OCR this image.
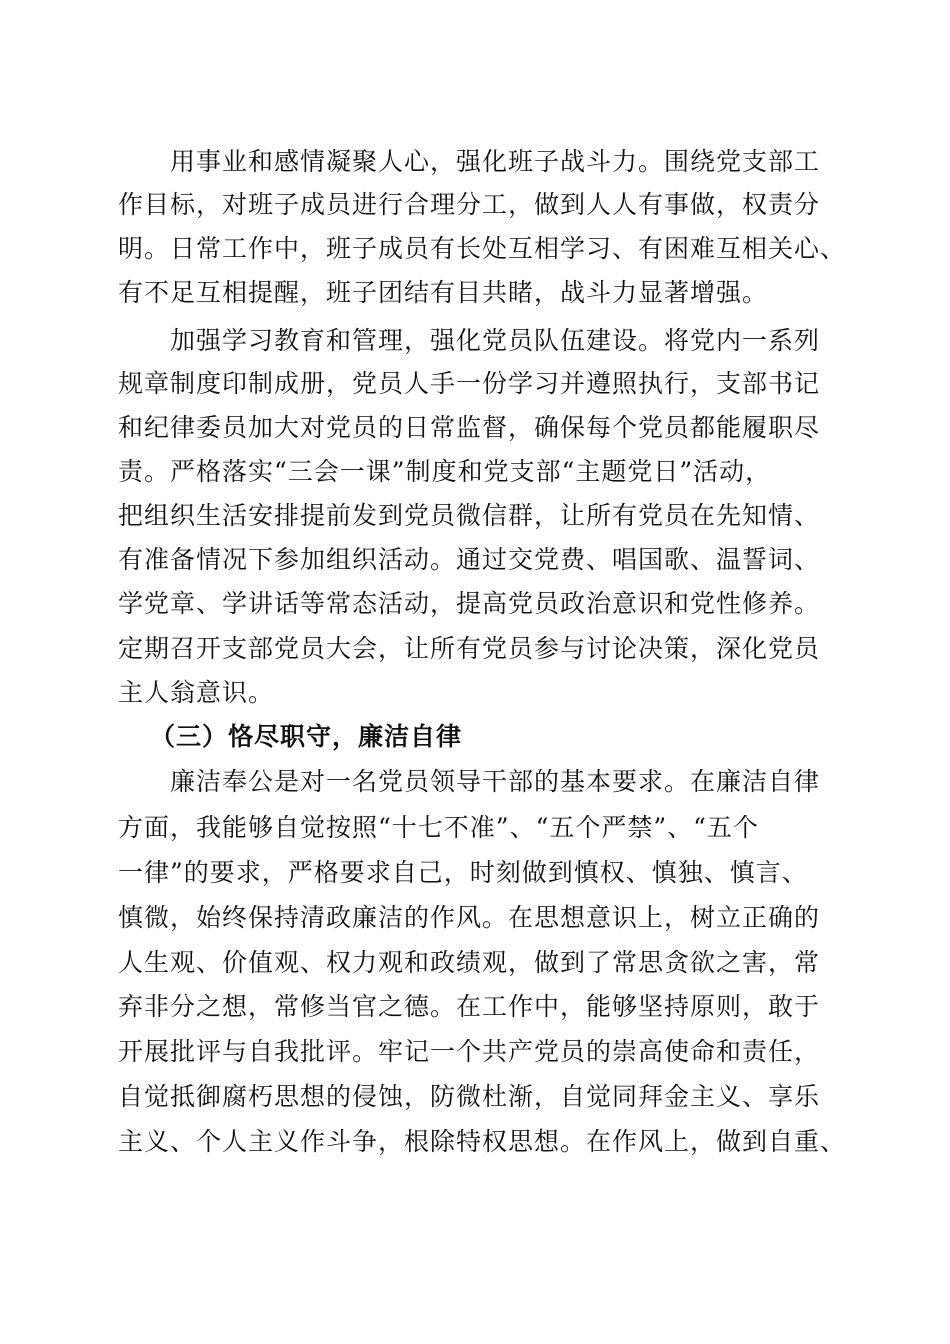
用事业和感情凝聚人心，强化班子战斗力。围绕党支部工
作目标，对班子成员进行合理分工，做到人人有事做，权责分
明。日常工作中，班子成员有长处互相学习、有困难互相关心、
有不足互相提醒，班子团结有目共睹，战斗力显著增强。
加强学习教育和管理，强化党员队伍建设。将党内一系列
规章制度印制成册，党员人手一份学习并遵照执行，支部书记
和纪律委员加大对党员的日常监督，确保每个党员都能履职尽
责。严格落实“三会一课”制度和党支部“主题党日”活动，
把组织生活安排提前发到党员微信群，让所有党员在先知情、
有准备情况下参加组织活动。通过交党费、唱国歌、温誓词、
学党章、学讲话等常态活动，提高党员政治意识和党性修养。
定期召开支部党员大会，让所有党员参与讨论决策，深化党员
主人翁意识。
（三）恪尽职守，廉洁自律
廉洁奉公是对一名党员领导干部的基本要求。在廉洁自律
方面，我能够自觉按照“十七不准”、“五个严禁”、“五个
一律”的要求，严格要求自己，时刻做到慎权、慎独、慎言、
慎微，始终保持清政廉洁的作风。在思想意识上，树立正确的
人生观、价值观、权力观和政绩观，做到了常思贪欲之害，常
弃非分之想，常修当官之德。在工作中，能够坚持原则，敢于
开展批评与自我批评。牢记一个共产党员的崇高使命和责任，
自觉抵御腐朽思想的侵蚀，防微杜渐，自觉同拜金主义、享乐
主义、个人主义作斗争，根除特权思想。在作风上，做到自重、
